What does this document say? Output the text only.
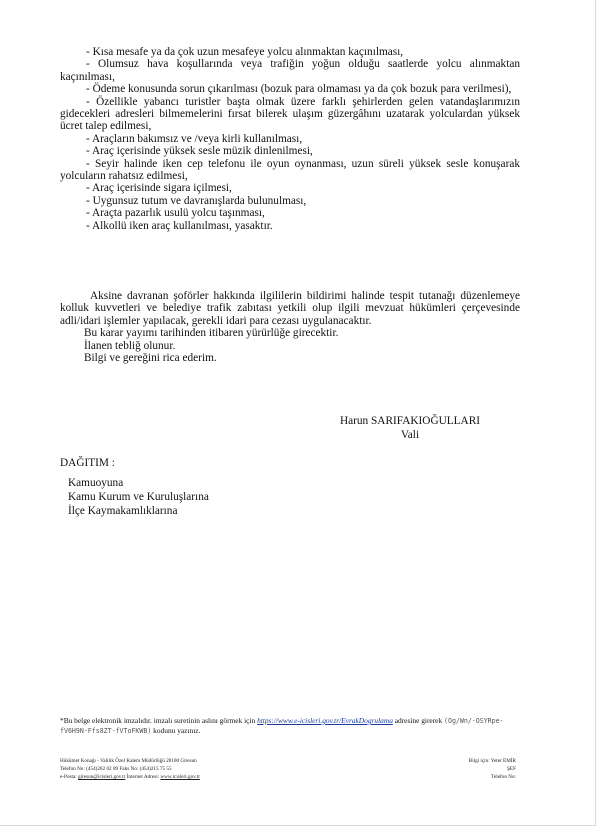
- Kısa mesafe ya da çok uzun mesafeye yolcu alınmaktan kaçınılması,

- Olumsuz hava koşullarında veya trafiğin yoğun olduğu saatlerde yolcu alınmaktan kaçınılması,

- Ödeme konusunda sorun çıkarılması (bozuk para olmaması ya da çok bozuk para verilmesi),

- Özellikle yabancı turistler başta olmak üzere farklı şehirlerden gelen vatandaşlarımızın gidecekleri adresleri bilmemelerini fırsat bilerek ulaşım güzergâhını uzatarak yolculardan yüksek ücret talep edilmesi,

- Araçların bakımsız ve /veya kirli kullanılması,

- Araç içerisinde yüksek sesle müzik dinlenilmesi,

- Seyir halinde iken cep telefonu ile oyun oynanması, uzun süreli yüksek sesle konuşarak yolcuların rahatsız edilmesi,

- Araç içerisinde sigara içilmesi,

- Uygunsuz tutum ve davranışlarda bulunulması,

- Araçta pazarlık usulü yolcu taşınması,

- Alkollü iken araç kullanılması, yasaktır.

Aksine davranan şoförler hakkında ilgililerin bildirimi halinde tespit tutanağı düzenlemeye kolluk kuvvetleri ve belediye trafik zabıtası yetkili olup ilgili mevzuat hükümleri çerçevesinde adli/idari işlemler yapılacak, gerekli idari para cezası uygulanacaktır.

Bu karar yayımı tarihinden itibaren yürürlüğe girecektir.

İlanen tebliğ olunur.

Bilgi ve gereğini rica ederim.

Harun SARIFAKIOĞULLARI
Vali

DAĞITIM :

Kamuoyuna

Kamu Kurum ve Kuruluşlarına

İlçe Kaymakamlıklarına

*Bu belge elektronik imzalıdır. imzalı suretinin aslını görmek için https://www.e-icisleri.gov.tr/EvrakDogrulama adresine girerek (Og/Wn/-OSYRpe-fV6H9N-Ffs8ZT-fVToFKWB) kodunu yazınız.
Hükümet Konağı - Valilik Özel Kalem Müdürlüğü 28100 Giresun
Telefon No: (454)282 02 89 Faks No: (454)215 75 55
e-Posta: giresun@icisleri.gov.tr İnternet Adresi: www.icisleri.gov.tr
Bilgi için: Yeter EMİR
ŞEF
Telefon No:
